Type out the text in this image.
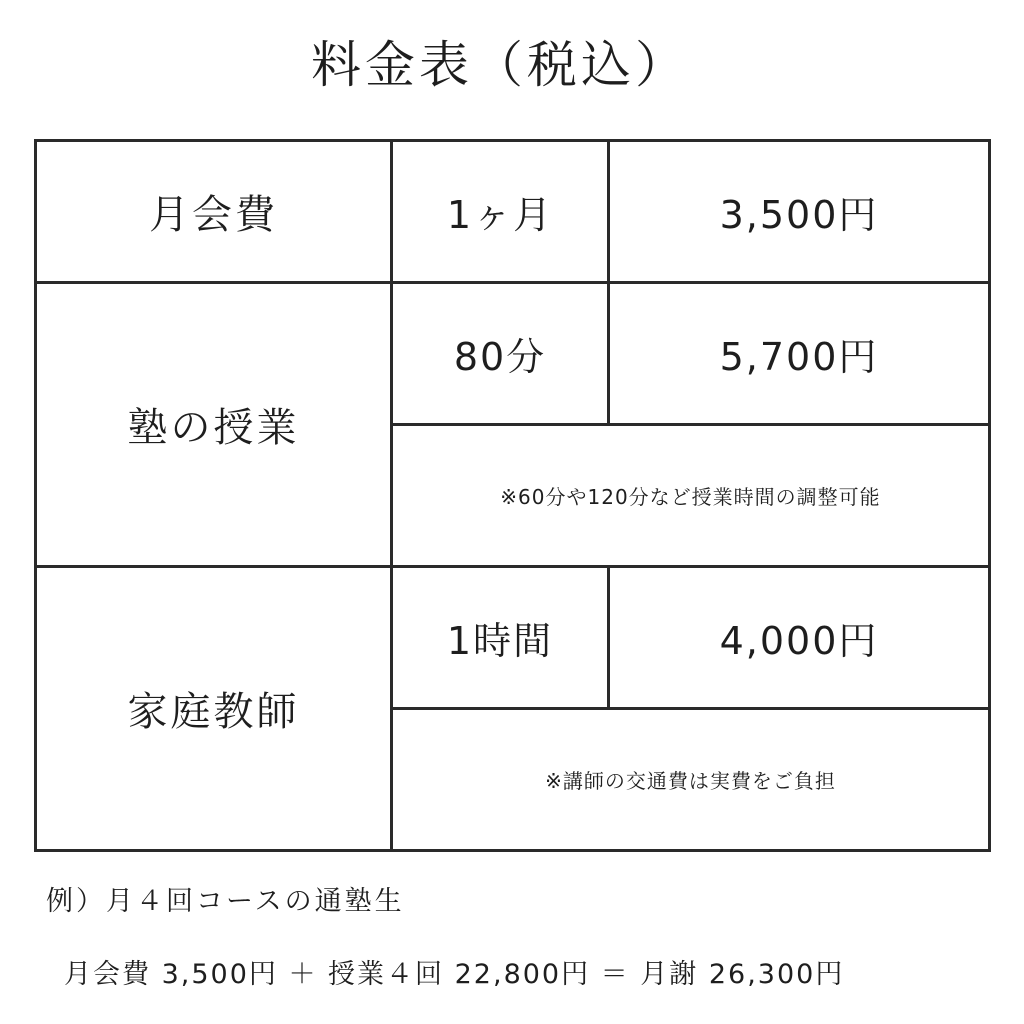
料金表（税込）
月会費	1ヶ月	3,500円
塾の授業	80分	5,700円
	※60分や120分など授業時間の調整可能	
家庭教師	1時間	4,000円
	※講師の交通費は実費をご負担	
例）月４回コースの通塾生
月会費 3,500円 ＋ 授業４回 22,800円 ＝ 月謝 26,300円
